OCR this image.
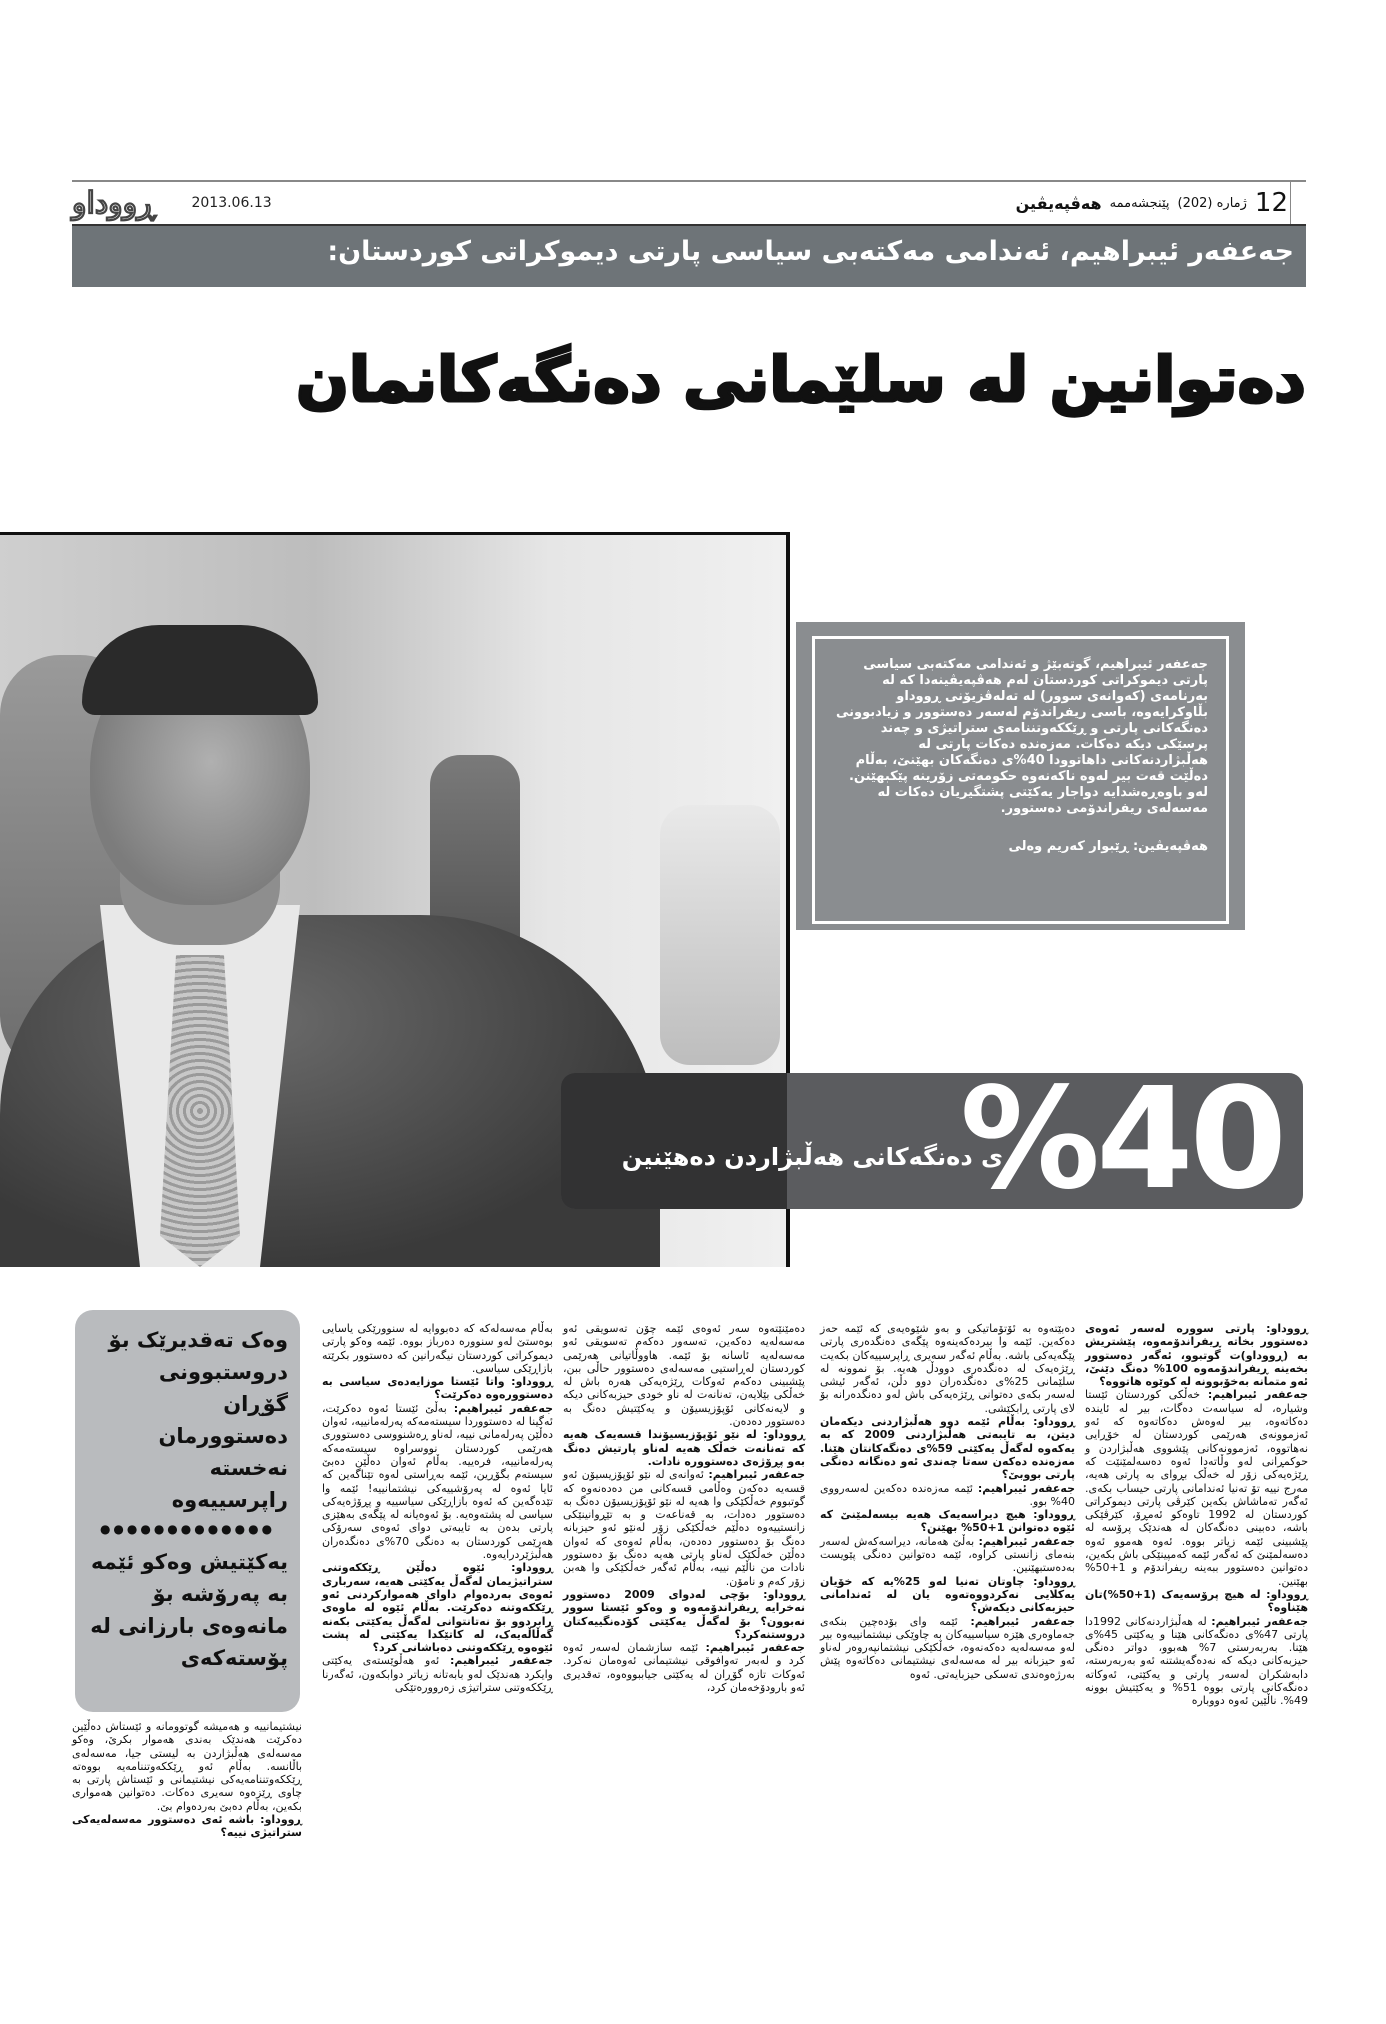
ڕووداو	2013.06.13	12
ژمارە (202)
پێنجشەممە
هەڤپەیڤین
جەعفەر ئیبراهیم، ئەندامی مەکتەبی سیاسی پارتی دیموکراتی کوردستان:
دەتوانین لە سلێمانی دەنگەکانمان
جەعفەر ئیبراهیم، گوتەبێژ و ئەندامی مەکتەبی سیاسی پارتی دیموکراتی کوردستان لەم هەڤپەیڤینەدا کە لە بەرنامەی (کەوانەی سوور) لە تەلەڤزیۆنی ڕووداو بڵاوکرایەوە، باسی ریفراندۆم لەسەر دەستوور و زیادبوونی دەنگەکانی پارتی و ڕێککەوتننامەی ستراتیژی و چەند پرسێکی دیکە دەکات. مەزەندە دەکات پارتی لە هەڵبژاردنەکانی داهاتوودا 40%ی دەنگەکان بهێنێ، بەڵام دەڵێت قەت بیر لەوە ناکەنەوە حکومەتی زۆرینە پێکبهێنن. لەو باوەڕەشدایە دواجار یەکێتی پشتگیریان دەکات لە مەسەلەی ریفراندۆمی دەستوور.
هەڤپەیڤین: ڕێبوار کەریم وەلی
%40
ی دەنگەکانی هەڵبژاردن دەهێنین

ڕووداو: پارتی سوورە لەسەر ئەوەی دەستوور بخاتە ڕیفراندۆمەوە، پێشتریش بە (ڕووداو)ت گوتبوو، ئەگەر دەستوور بخەینە ڕیفراندۆمەوە 100% دەنگ دێنێ، ئەو متمانە بەخۆبوونە لە کوێوە هاتووە؟

جەعفەر ئیبراهیم: خەڵکی کوردستان ئێستا وشیارە، لە سیاسەت دەگات، بیر لە ئایندە دەکاتەوە، بیر لەوەش دەکاتەوە کە ئەو ئەزموونەی هەرێمی کوردستان لە خۆڕایی نەهاتووە، ئەزموونەکانی پێشووی هەڵبژاردن و حوکمڕانی لەو وڵاتەدا ئەوە دەسەلمێنێت کە ڕێژەیەکی زۆر لە خەڵک بڕوای بە پارتی هەیە، مەرج نییە تۆ تەنیا ئەندامانی پارتی حیساب بکەی. ئەگەر تەماشاش بکەین کێرڤی پارتی دیموکراتی کوردستان لە 1992 تاوەکو ئەمڕۆ، کێرڤێکی باشە، دەبینی دەنگەکان لە هەندێک پرۆسە لە پێشبینی ئێمە زیاتر بووە. ئەوە هەموو ئەوە دەسەلمێنێ کە ئەگەر ئێمە کەمپینێکی باش بکەین، دەتوانین دەستوور ببەینە ریفراندۆم و 1+50% بهێنین.

ڕووداو: لە هیچ پرۆسەیەک (1+50%)تان هێناوە؟

جەعفەر ئیبراهیم: لە هەڵبژاردنەکانی 1992دا پارتی 47%ی دەنگەکانی هێنا و یەکێتی 45%ی هێنا. بەربەرستی 7% هەبوو، دواتر دەنگی حیزبەکانی دیکە کە نەدەگەیشتنە ئەو بەربەرستە، دابەشکران لەسەر پارتی و یەکێتی، ئەوکاتە دەنگەکانی پارتی بووە 51% و یەکێتیش بوونە 49%. ناڵێین ئەوە دووبارە

دەبێتەوە بە ئۆتۆماتیکی و بەو شێوەیەی کە ئێمە حەز دەکەین. ئێمە وا بیردەکەینەوە پێگەی دەنگدەری پارتی پێگەیەکی باشە. بەڵام ئەگەر سەیری ڕاپرسییەکان بکەیت ڕێژەیەک لە دەنگدەری دوودڵ هەیە. بۆ نموونە لە سلێمانی 25%ی دەنگدەران دوو دڵن، ئەگەر ئیشی لەسەر بکەی دەتوانی ڕێژەیەکی باش لەو دەنگدەرانە بۆ لای پارتی ڕابکێشی.

ڕووداو: بەڵام ئێمە دوو هەڵبژاردنی دیکەمان دیتن، بە تایبەتی هەڵبژاردنی 2009 کە بە یەکەوە لەگەڵ یەکێتی 59%ی دەنگەکانتان هێنا. مەزەندە دەکەن سەتا چەندی ئەو دەنگانە دەنگی پارتی بووبێ؟

جەعفەر ئیبراهیم: ئێمە مەزەندە دەکەین لەسەرووی 40% بوو.

ڕووداو: هیچ دیراسەیەک هەیە بیسەلمێنێ کە ئێوە دەتوانن 1+50% بهێنن؟

جەعفەر ئیبراهیم: بەڵێ هەمانە، دیراسەکەش لەسەر بنەمای زانستی کراوە، ئێمە دەتوانین دەنگی پێویست بەدەستبهێنین.

ڕووداو: چاوتان تەنیا لەو 25%یە کە خۆیان یەکلایی نەکردووەتەوە یان لە ئەندامانی حیزبەکانی دیکەش؟

جەعفەر ئیبراهیم: ئێمە وای بۆدەچین بنکەی جەماوەری هێزە سیاسییەکان بە چاوێکی نیشتمانییەوە بیر لەو مەسەلەیە دەکەنەوە، خەڵکێکی نیشتمانپەروەر لەناو ئەو حیزبانە بیر لە مەسەلەی نیشتیمانی دەکاتەوە پێش بەرژەوەندی تەسکی حیزبایەتی. ئەوە

دەمێنێتەوە سەر ئەوەی ئێمە چۆن تەسویقی ئەو مەسەلەیە دەکەین، تەسەور دەکەم تەسویقی ئەو مەسەلەیە ئاسانە بۆ ئێمە. هاووڵاتیانی هەرێمی کوردستان لەڕاستیی مەسەلەی دەستوور حاڵی ببن، پێشبینی دەکەم ئەوکات ڕێژەیەکی هەرە باش لە خەڵکی بێلایەن، تەنانەت لە ناو خودی حیزبەکانی دیکە و لایەنەکانی ئۆپۆزیسیۆن و یەکێتیش دەنگ بە دەستوور دەدەن.

ڕووداو: لە نێو ئۆپۆزیسیۆندا قسەیەک هەیە کە تەنانەت خەڵک هەیە لەناو پارتیش دەنگ بەو پڕۆژەی دەستوورە نادات.

جەعفەر ئیبراهیم: ئەوانەی لە نێو ئۆپۆزیسیۆن ئەو قسەیە دەکەن وەڵامی قسەکانی من دەدەنەوە کە گوتبووم خەڵکێکی وا هەیە لە نێو ئۆپۆزیسیۆن دەنگ بە دەستوور دەدات، بە قەناعەت و بە تێڕوانینێکی زانستییەوە دەڵێم خەڵکێکی زۆر لەنێو ئەو حیزبانە دەنگ بۆ دەستوور دەدەن، بەڵام ئەوەی کە ئەوان دەڵێن خەڵکێک لەناو پارتی هەیە دەنگ بۆ دەستوور نادات من ناڵێم نییە، بەڵام ئەگەر خەڵکێکی وا هەبن زۆر کەم و نامۆن.

ڕووداو: بۆچی لەدوای 2009 دەستوور نەخرایە ڕیفراندۆمەوە و وەکو ئێستا سوور نەبوون؟ بۆ لەگەڵ یەکێتی کۆدەنگییەکتان دروستنەکرد؟

جەعفەر ئیبراهیم: ئێمە سازشمان لەسەر ئەوە کرد و لەبەر تەوافوقی نیشتیمانی ئەوەمان نەکرد. ئەوکات تازە گۆڕان لە یەکێتی جیاببووەوە، تەقدیری ئەو بارودۆخەمان کرد،

بەڵام مەسەلەکە کە دەبووایە لە سنوورێکی یاسایی بوەستێ لەو سنوورە دەرباز بووە. ئێمە وەکو پارتی دیموکراتی کوردستان نیگەرانین کە دەستوور بکرێتە بازاڕێکی سیاسی.

ڕووداو: واتا ئێستا موزایەدەی سیاسی بە دەستوورەوە دەکرێت؟

جەعفەر ئیبراهیم: بەڵێ ئێستا ئەوە دەکرێت، ئەگینا لە دەستووردا سیستەمەکە پەرلەمانییە، ئەوان دەڵێن پەرلەمانی نییە، لەناو ڕەشنووسی دەستووری هەرێمی کوردستان نووسراوە سیستەمەکە پەرلەمانییە، فرەییە. بەڵام ئەوان دەڵێن دەبێ سیستەم بگۆڕین، ئێمە بەڕاستی لەوە تێناگەین کە ئایا ئەوە لە پەرۆشییەکی نیشتمانییە! ئێمە وا تێدەگەین کە ئەوە بازاڕێکی سیاسییە و پڕۆژەیەکی سیاسی لە پشتەوەیە. بۆ ئەوەیانە لە پێگەی بەهێزی پارتی بدەن بە تایبەتی دوای ئەوەی سەرۆکی هەرێمی کوردستان بە دەنگی 70%ی دەنگدەران هەڵبژێردرایەوە.

ڕووداو: ئێوە دەڵێن ڕێککەوتنی ستراتیژیمان لەگەڵ یەکێتی هەیە، سەرباری ئەوەی بەردەوام داوای هەموارکردنی ئەو ڕێککەوتنە دەکرێت. بەڵام ئێوە لە ماوەی ڕابردوو بۆ نەتانتوانی لەگەڵ یەکێتی بکەنە گەڵاڵەیەک، لە کاتێکدا یەکێتی لە پشت ئێوەوە ڕێککەوتنی دەباشانی کرد؟

جەعفەر ئیبراهیم: ئەو هەڵوێستەی یەکێتی وایکرد هەندێک لەو بابەتانە زیاتر دوابکەون، ئەگەرنا ڕێککەوتنی ستراتیژی زەروورەتێکی

وەک تەقدیرێک بۆ دروستبوونی گۆڕان دەستوورمان نەخستە راپرسییەوە
●●●●●●●●●●●●●
یەکێتیش وەکو ئێمە بە پەرۆشە بۆ مانەوەی بارزانی لە پۆستەکەی

نیشتیمانییە و هەمیشە گوتوومانە و ئێستاش دەڵێین دەکرێت هەندێک بەندی هەموار بکرێ، وەکو مەسەلەی هەڵبژاردن بە لیستی جیا، مەسەلەی باڵانسە. بەڵام ئەو ڕێککەوتننامەیە بووەتە ڕێککەوتننامەیەکی نیشتیمانی و ئێستاش پارتی بە چاوی ڕێزەوە سەیری دەکات. دەتوانین هەمواری بکەین، بەڵام دەبێ بەردەوام بێ.

ڕووداو: باشە ئەی دەستوور مەسەلەیەکی ستراتیژی نییە؟
